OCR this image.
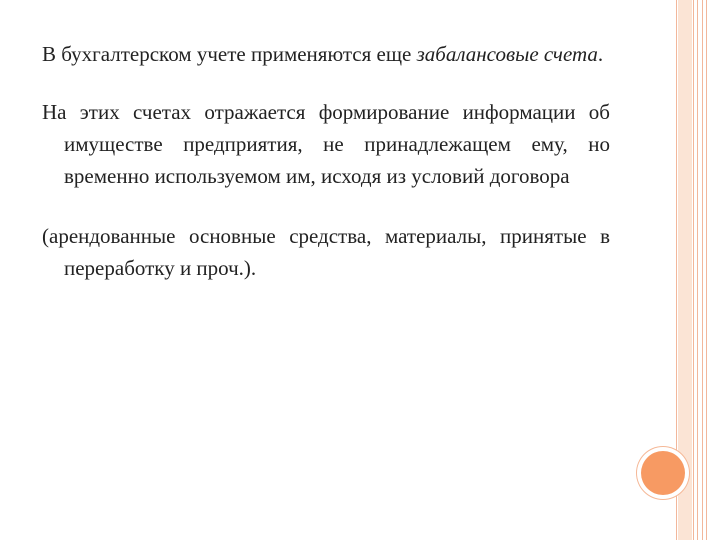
В бухгалтерском учете применяются еще забалансовые счета.

На этих счетах отражается формирование информации об имуществе предприятия, не принадлежащем ему, но временно используемом им, исходя из условий договора

(арендованные основные средства, материалы, принятые в переработку и проч.).
